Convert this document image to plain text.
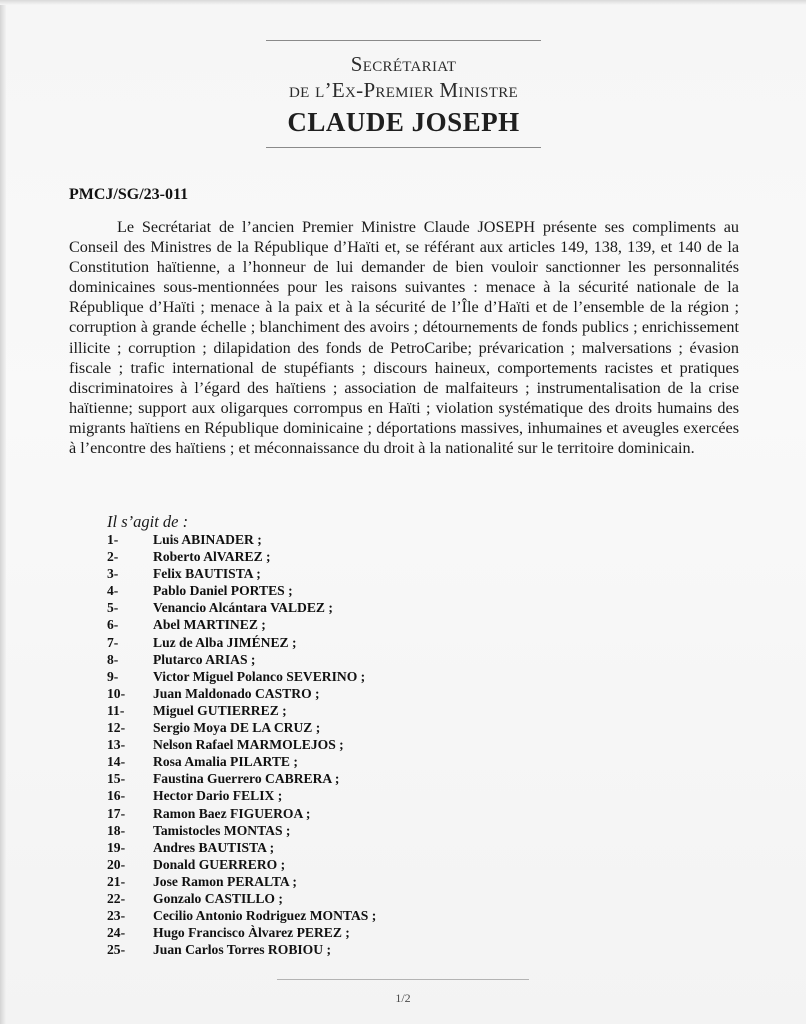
Secrétariat
de l’Ex-Premier Ministre
CLAUDE JOSEPH
PMCJ/SG/23-011

Le Secrétariat de l’ancien Premier Ministre Claude JOSEPH présente ses compliments au Conseil des Ministres de la République d’Haïti et, se référant aux articles 149, 138, 139, et 140 de la Constitution haïtienne, a l’honneur de lui demander de bien vouloir sanctionner les personnalités dominicaines sous-mentionnées pour les raisons suivantes : menace à la sécurité nationale de la République d’Haïti ; menace à la paix et à la sécurité de l’Île d’Haïti et de l’ensemble de la région ; corruption à grande échelle ; blanchiment des avoirs ; détournements de fonds publics ; enrichissement illicite ; corruption ; dilapidation des fonds de PetroCaribe; prévarication ; malversations ; évasion fiscale ; trafic international de stupéfiants ; discours haineux, comportements racistes et pratiques discriminatoires à l’égard des haïtiens ; association de malfaiteurs ; instrumentalisation de la crise haïtienne; support aux oligarques corrompus en Haïti ; violation systématique des droits humains des migrants haïtiens en République dominicaine ; déportations massives, inhumaines et aveugles exercées à l’encontre des haïtiens ; et méconnaissance du droit à la nationalité sur le territoire dominicain.

Il s’agit de :
1-	Luis ABINADER ;
2-	Roberto AlVAREZ ;
3-	Felix BAUTISTA ;
4-	Pablo Daniel PORTES ;
5-	Venancio Alcántara VALDEZ ;
6-	Abel MARTINEZ ;
7-	Luz de Alba JIMÉNEZ ;
8-	Plutarco ARIAS ;
9-	Victor Miguel Polanco SEVERINO ;
10-	Juan Maldonado CASTRO ;
11-	Miguel GUTIERREZ ;
12-	Sergio Moya DE LA CRUZ ;
13-	Nelson Rafael MARMOLEJOS ;
14-	Rosa Amalia PILARTE ;
15-	Faustina Guerrero CABRERA ;
16-	Hector Dario FELIX ;
17-	Ramon Baez FIGUEROA ;
18-	Tamistocles MONTAS ;
19-	Andres BAUTISTA ;
20-	Donald GUERRERO ;
21-	Jose Ramon PERALTA ;
22-	Gonzalo CASTILLO ;
23-	Cecilio Antonio Rodriguez MONTAS ;
24-	Hugo Francisco Àlvarez PEREZ ;
25-	Juan Carlos Torres ROBIOU ;
1/2
